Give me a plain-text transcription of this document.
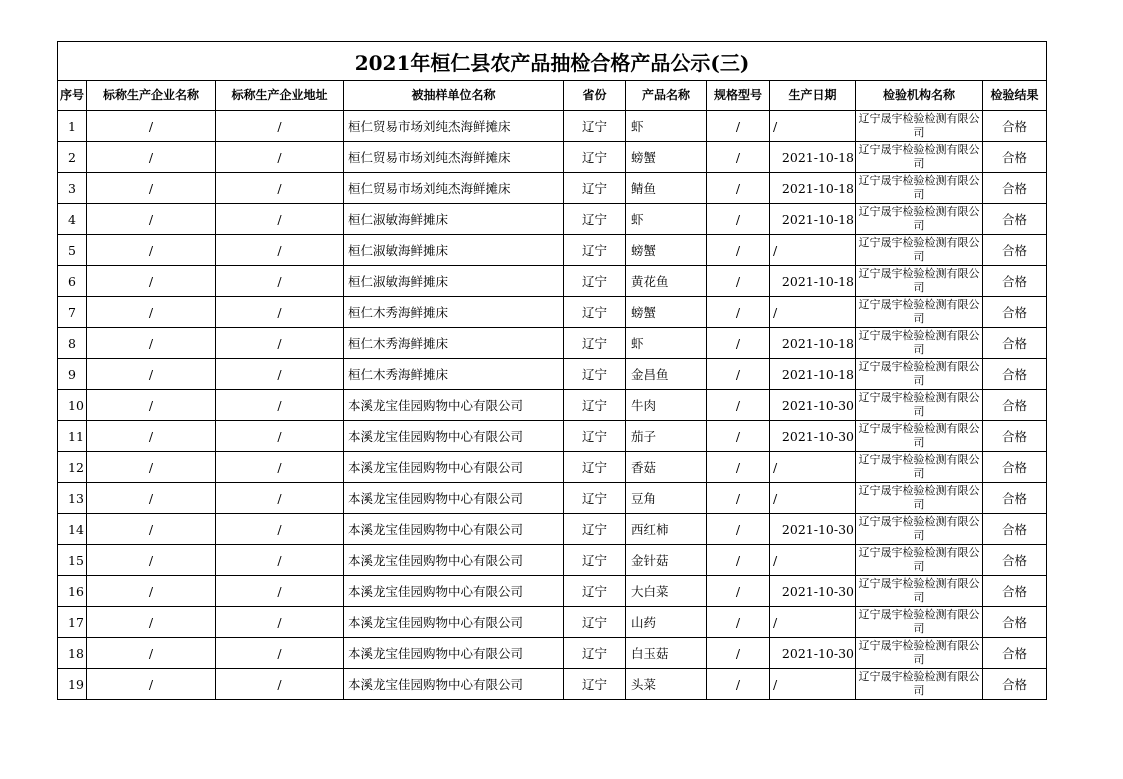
2021年桓仁县农产品抽检合格产品公示(三)									
序号	标称生产企业名称	标称生产企业地址	被抽样单位名称	省份	产品名称	规格型号	生产日期	检验机构名称	检验结果
1	/	/	桓仁贸易市场刘纯杰海鲜摊床	辽宁	虾	/	/	辽宁晟宇检验检测有限公司	合格
2	/	/	桓仁贸易市场刘纯杰海鲜摊床	辽宁	螃蟹	/	2021-10-18	辽宁晟宇检验检测有限公司	合格
3	/	/	桓仁贸易市场刘纯杰海鲜摊床	辽宁	鲭鱼	/	2021-10-18	辽宁晟宇检验检测有限公司	合格
4	/	/	桓仁淑敏海鲜摊床	辽宁	虾	/	2021-10-18	辽宁晟宇检验检测有限公司	合格
5	/	/	桓仁淑敏海鲜摊床	辽宁	螃蟹	/	/	辽宁晟宇检验检测有限公司	合格
6	/	/	桓仁淑敏海鲜摊床	辽宁	黄花鱼	/	2021-10-18	辽宁晟宇检验检测有限公司	合格
7	/	/	桓仁木秀海鲜摊床	辽宁	螃蟹	/	/	辽宁晟宇检验检测有限公司	合格
8	/	/	桓仁木秀海鲜摊床	辽宁	虾	/	2021-10-18	辽宁晟宇检验检测有限公司	合格
9	/	/	桓仁木秀海鲜摊床	辽宁	金昌鱼	/	2021-10-18	辽宁晟宇检验检测有限公司	合格
10	/	/	本溪龙宝佳园购物中心有限公司	辽宁	牛肉	/	2021-10-30	辽宁晟宇检验检测有限公司	合格
11	/	/	本溪龙宝佳园购物中心有限公司	辽宁	茄子	/	2021-10-30	辽宁晟宇检验检测有限公司	合格
12	/	/	本溪龙宝佳园购物中心有限公司	辽宁	香菇	/	/	辽宁晟宇检验检测有限公司	合格
13	/	/	本溪龙宝佳园购物中心有限公司	辽宁	豆角	/	/	辽宁晟宇检验检测有限公司	合格
14	/	/	本溪龙宝佳园购物中心有限公司	辽宁	西红柿	/	2021-10-30	辽宁晟宇检验检测有限公司	合格
15	/	/	本溪龙宝佳园购物中心有限公司	辽宁	金针菇	/	/	辽宁晟宇检验检测有限公司	合格
16	/	/	本溪龙宝佳园购物中心有限公司	辽宁	大白菜	/	2021-10-30	辽宁晟宇检验检测有限公司	合格
17	/	/	本溪龙宝佳园购物中心有限公司	辽宁	山药	/	/	辽宁晟宇检验检测有限公司	合格
18	/	/	本溪龙宝佳园购物中心有限公司	辽宁	白玉菇	/	2021-10-30	辽宁晟宇检验检测有限公司	合格
19	/	/	本溪龙宝佳园购物中心有限公司	辽宁	头菜	/	/	辽宁晟宇检验检测有限公司	合格
